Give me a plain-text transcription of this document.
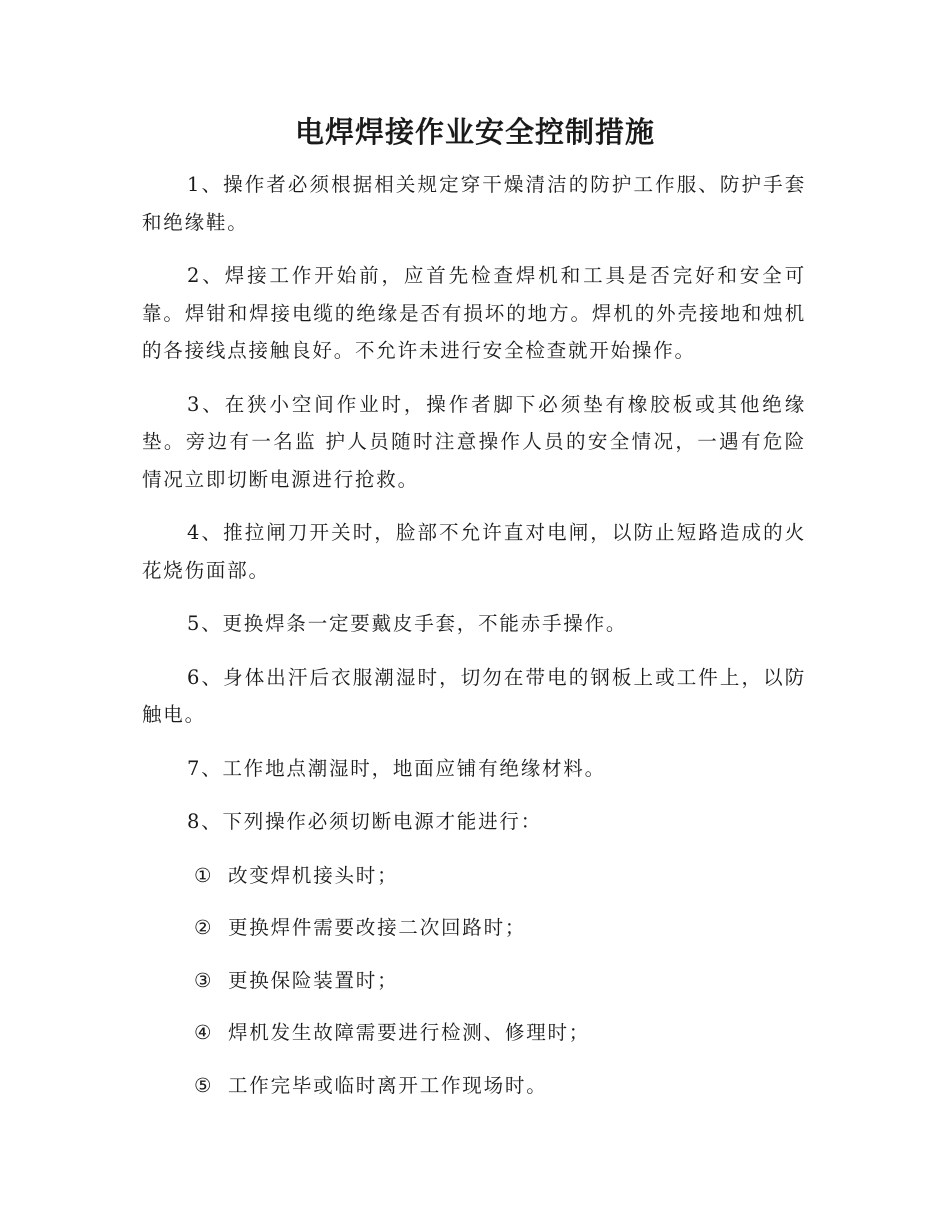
电焊焊接作业安全控制措施

1、操作者必须根据相关规定穿干燥清洁的防护工作服、防护手套和绝缘鞋。

2、焊接工作开始前，应首先检查焊机和工具是否完好和安全可靠。焊钳和焊接电缆的绝缘是否有损坏的地方。焊机的外壳接地和烛机的各接线点接触良好。不允许未进行安全检查就开始操作。

3、在狭小空间作业时，操作者脚下必须垫有橡胶板或其他绝缘垫。旁边有一名监 护人员随时注意操作人员的安全情况，一遇有危险情况立即切断电源进行抢救。

4、推拉闸刀开关时，脸部不允许直对电闸，以防止短路造成的火花烧伤面部。

5、更换焊条一定要戴皮手套，不能赤手操作。

6、身体出汗后衣服潮湿时，切勿在带电的钢板上或工件上，以防触电。

7、工作地点潮湿时，地面应铺有绝缘材料。

8、下列操作必须切断电源才能进行：

① 改变焊机接头时；
② 更换焊件需要改接二次回路时；
③ 更换保险装置时；
④ 焊机发生故障需要进行检测、修理时；
⑤ 工作完毕或临时离开工作现场时。
